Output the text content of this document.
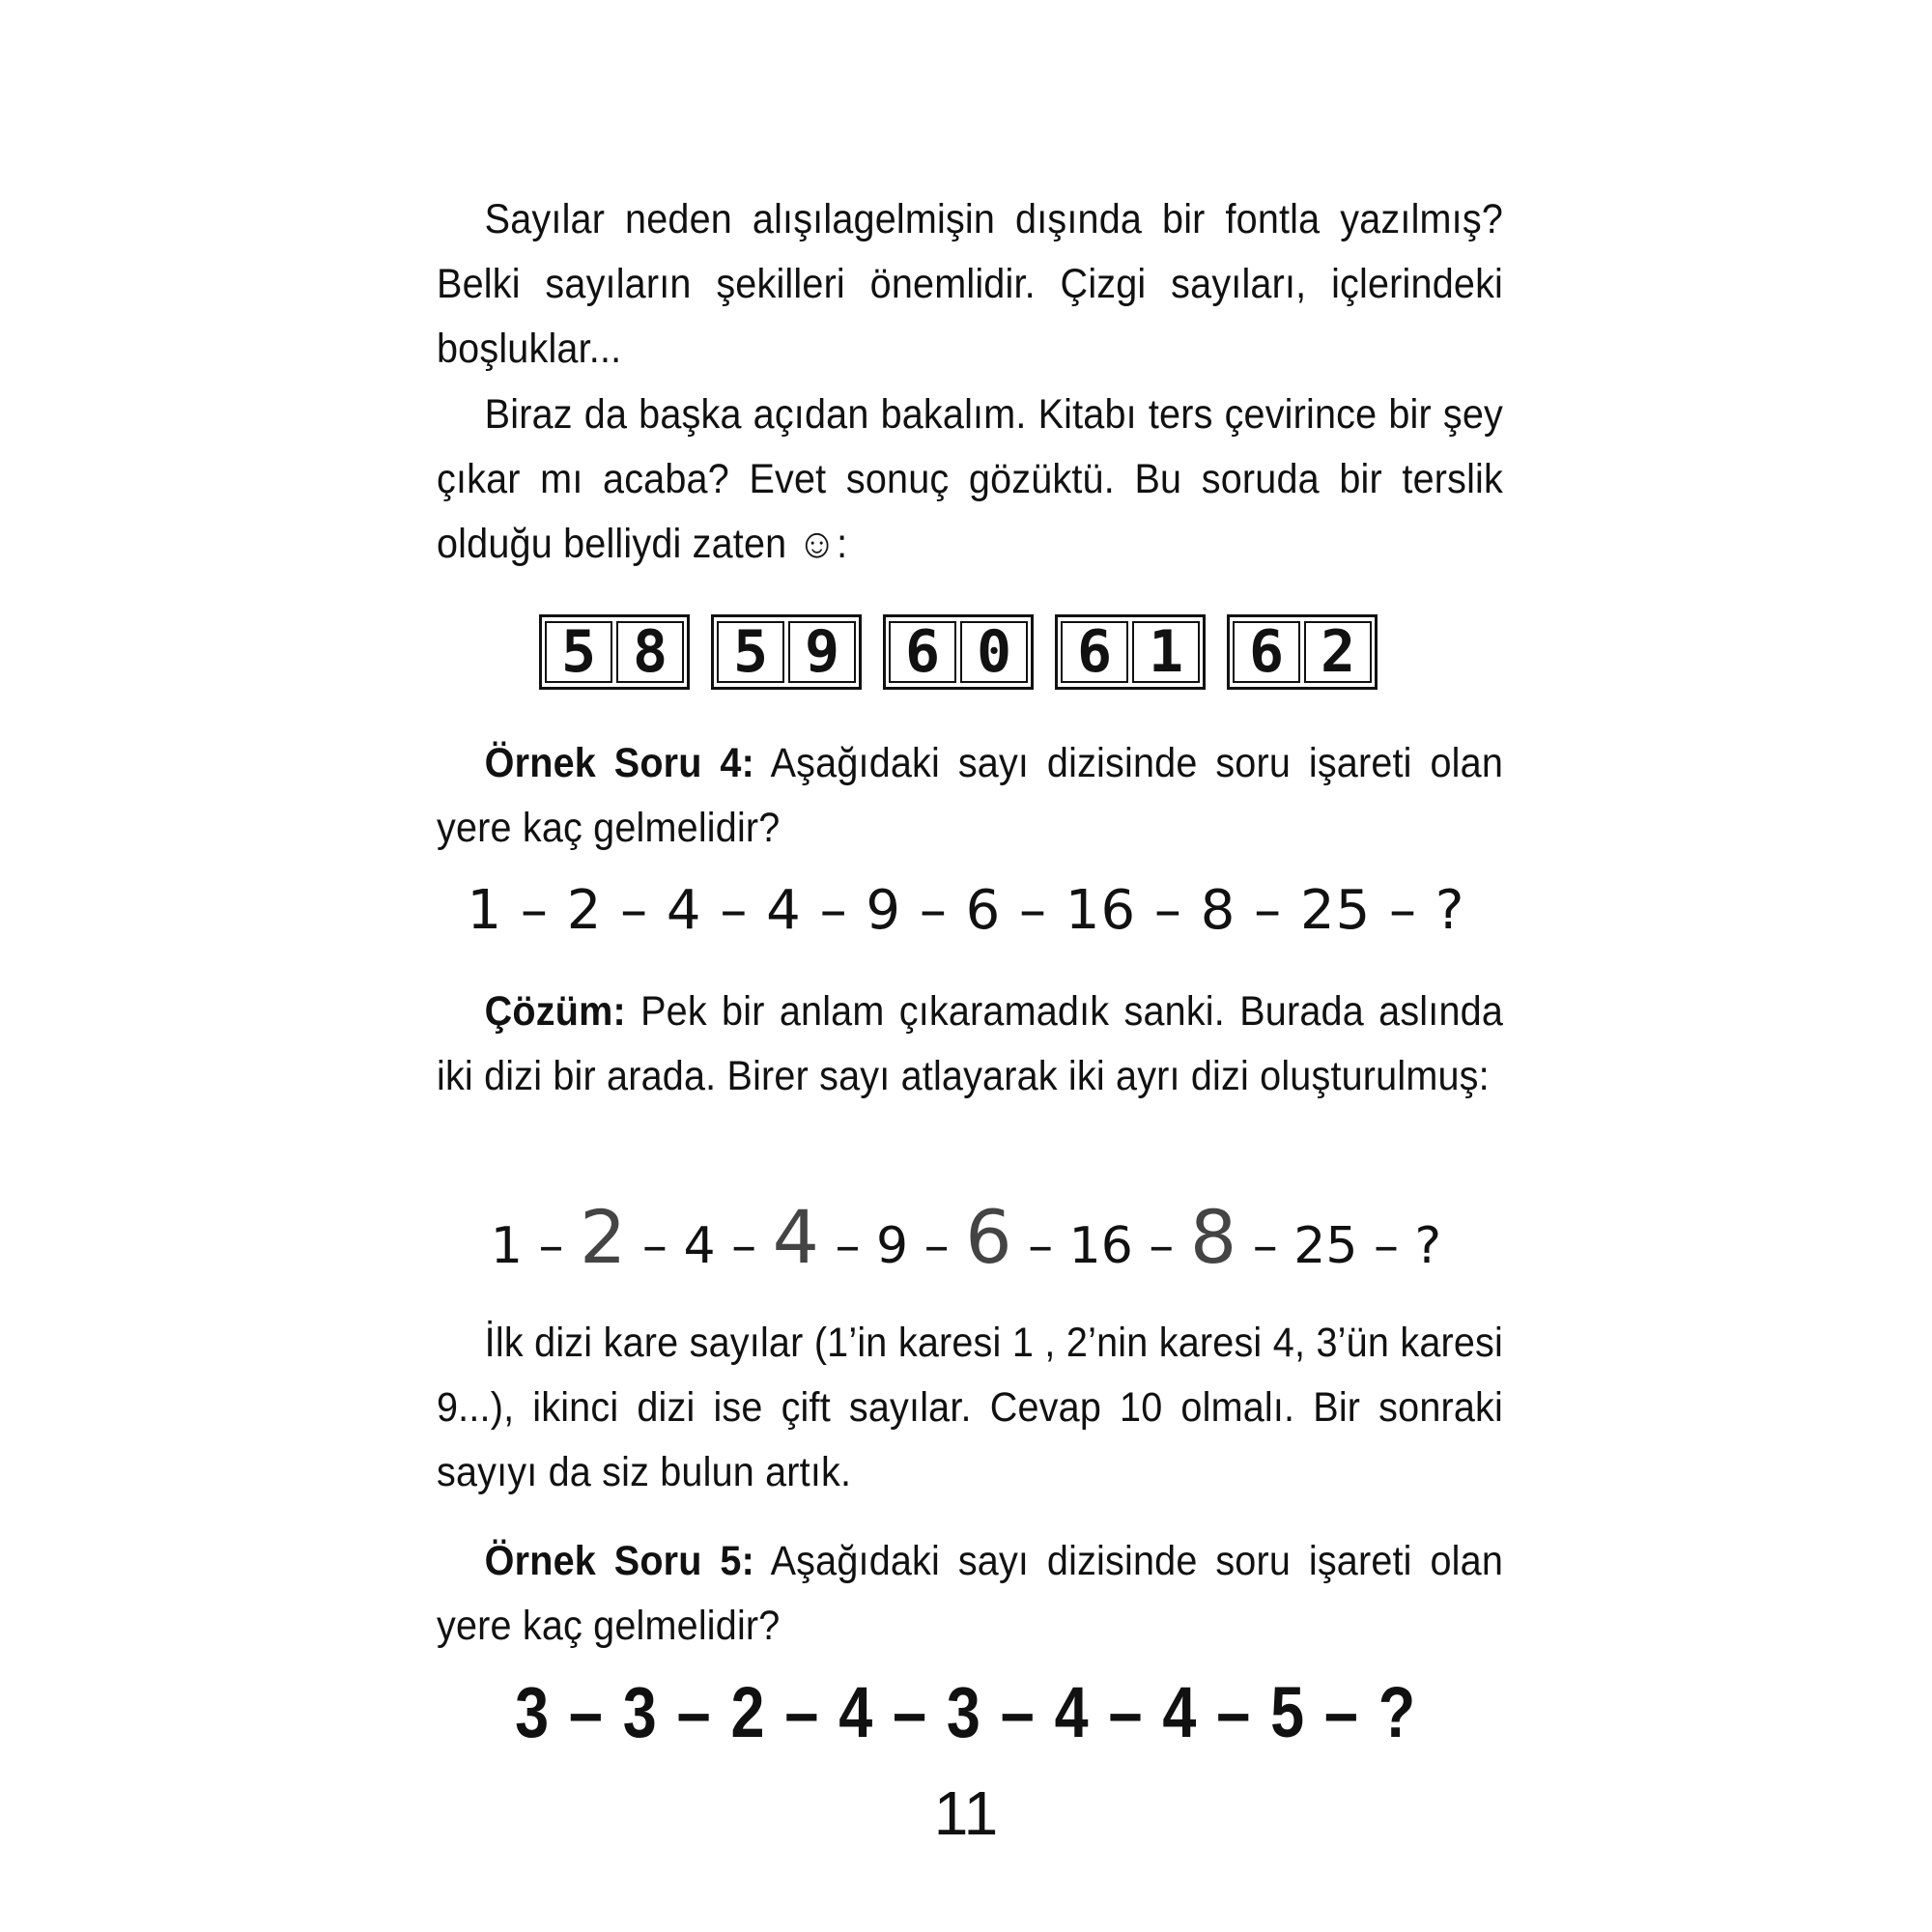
Sayılar neden alışılagelmişin dışında bir fontla yazılmış? Belki sayıların şekilleri önemlidir. Çizgi sayıları, içlerindeki boşluklar...
Biraz da başka açıdan bakalım. Kitabı ters çevirince bir şey çıkar mı acaba? Evet sonuç gözüktü. Bu soruda bir terslik olduğu belliydi zaten ☺:
5 8 5 9 6 0 6 1 6 2
Örnek Soru 4: Aşağıdaki sayı dizisinde soru işareti olan yere kaç gelmelidir?
1 – 2 – 4 – 4 – 9 – 6 – 16 – 8 – 25 – ?
Çözüm: Pek bir anlam çıkaramadık sanki. Burada aslında iki dizi bir arada. Birer sayı atlayarak iki ayrı dizi oluşturulmuş:
1 – 2 – 4 – 4 – 9 – 6 – 16 – 8 – 25 – ?
İlk dizi kare sayılar (1’in karesi 1 , 2’nin karesi 4, 3’ün karesi 9...), ikinci dizi ise çift sayılar. Cevap 10 olmalı. Bir sonraki sayıyı da siz bulun artık.
Örnek Soru 5: Aşağıdaki sayı dizisinde soru işareti olan yere kaç gelmelidir?
3 – 3 – 2 – 4 – 3 – 4 – 4 – 5 – ?
11
